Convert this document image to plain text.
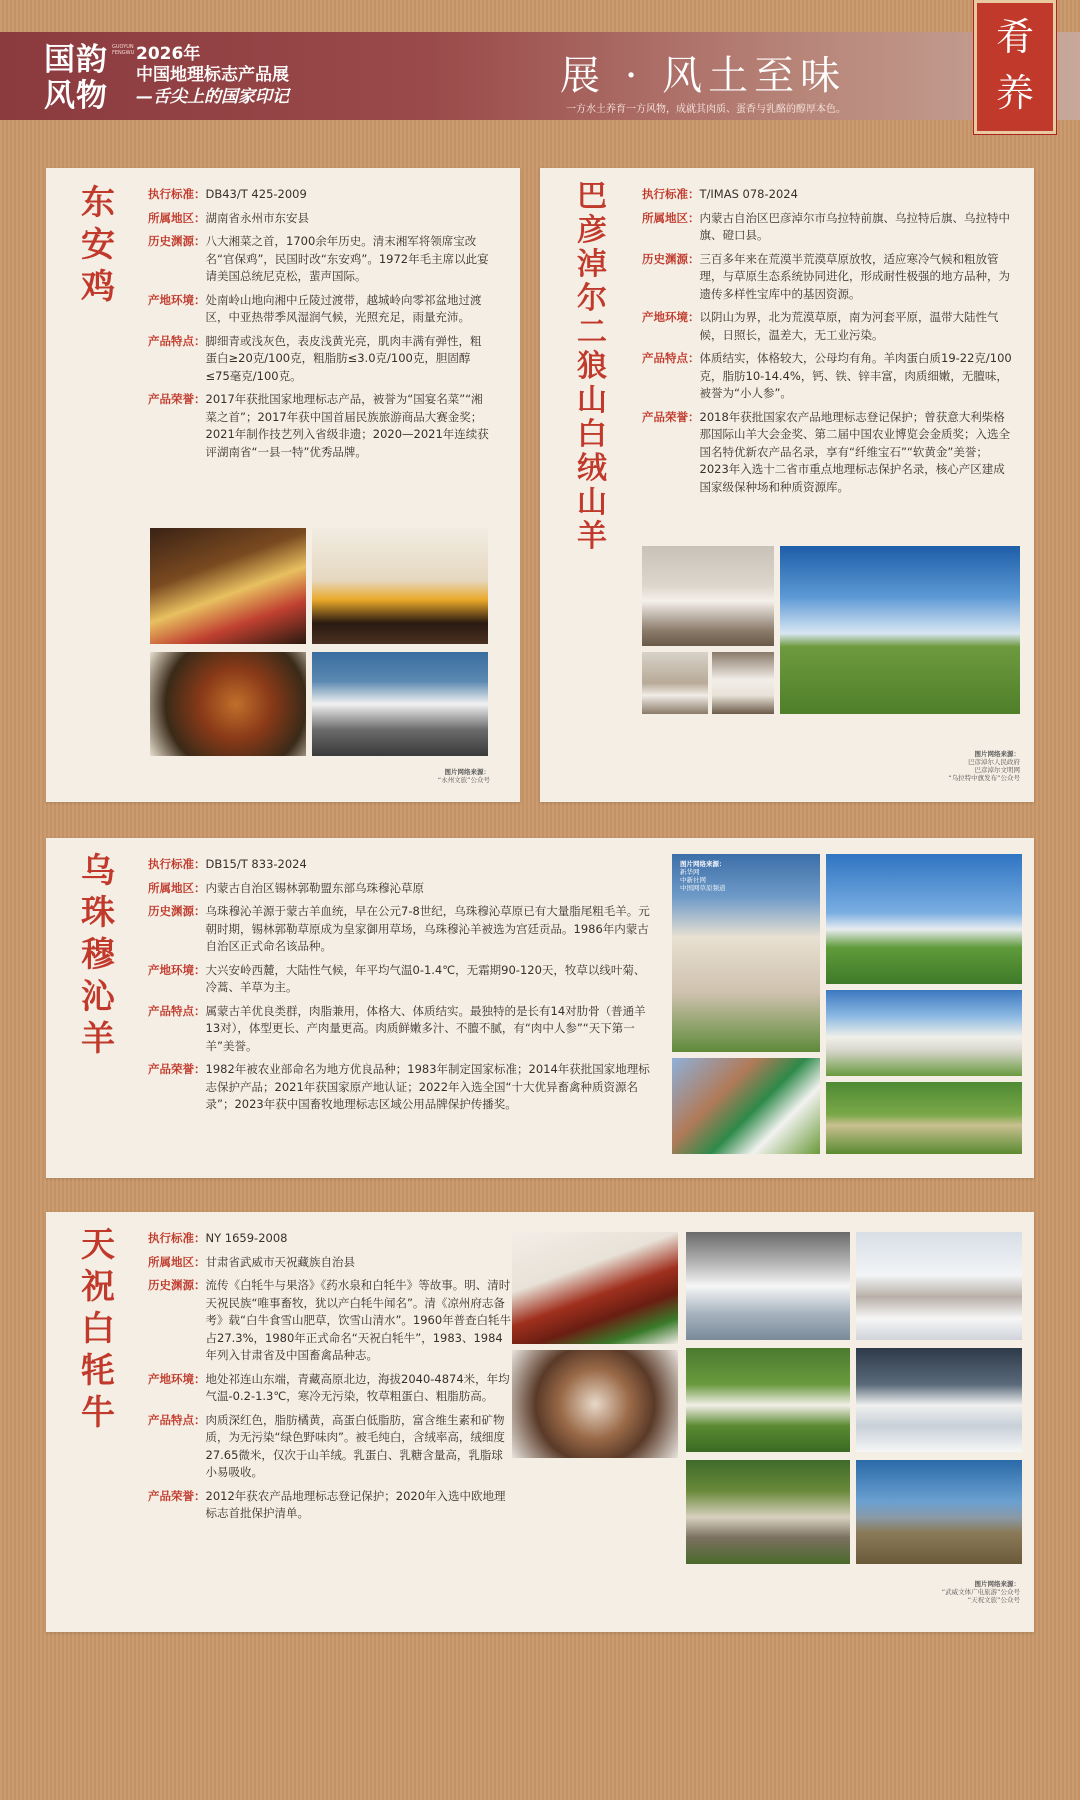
国韵
风物
GUOYUN FENGWU 2026年
中国地理标志产品展
—舌尖上的国家印记	展 · 风土至味
一方水土养育一方风物，成就其肉质、蛋香与乳酪的醇厚本色。
肴
养
东
安
鸡
执行标准： DB43/T 425-2009
所属地区： 湖南省永州市东安县
历史渊源： 八大湘菜之首，1700余年历史。清末湘军将领席宝改名“官保鸡”，民国时改“东安鸡”。1972年毛主席以此宴请美国总统尼克松，蜚声国际。
产地环境： 处南岭山地向湘中丘陵过渡带，越城岭向零祁盆地过渡区，中亚热带季风湿润气候，光照充足，雨量充沛。
产品特点： 脚细青或浅灰色，表皮浅黄光亮，肌肉丰满有弹性，粗蛋白≥20克/100克，粗脂肪≤3.0克/100克，胆固醇≤75毫克/100克。
产品荣誉： 2017年获批国家地理标志产品，被誉为“国宴名菜”“湘菜之首”；2017年获中国首届民族旅游商品大赛金奖；2021年制作技艺列入省级非遗；2020—2021年连续获评湖南省“一县一特”优秀品牌。
图片网络来源：
“永州文旅”公众号
巴
彦
淖
尔
二
狼
山
白
绒
山
羊
执行标准： T/IMAS 078-2024
所属地区： 内蒙古自治区巴彦淖尔市乌拉特前旗、乌拉特后旗、乌拉特中旗、磴口县。
历史渊源： 三百多年来在荒漠半荒漠草原放牧，适应寒冷气候和粗放管理，与草原生态系统协同进化，形成耐性极强的地方品种，为遗传多样性宝库中的基因资源。
产地环境： 以阴山为界，北为荒漠草原，南为河套平原，温带大陆性气候，日照长，温差大，无工业污染。
产品特点： 体质结实，体格较大，公母均有角。羊肉蛋白质19-22克/100克，脂肪10-14.4%，钙、铁、锌丰富，肉质细嫩，无膻味，被誉为“小人参”。
产品荣誉： 2018年获批国家农产品地理标志登记保护；曾获意大利柴格那国际山羊大会金奖、第二届中国农业博览会金质奖；入选全国名特优新农产品名录，享有“纤维宝石”“软黄金”美誉；2023年入选十二省市重点地理标志保护名录，核心产区建成国家级保种场和种质资源库。
图片网络来源：
巴彦淖尔人民政府
巴彦淖尔文明网
“乌拉特中旗发布”公众号
乌
珠
穆
沁
羊
执行标准： DB15/T 833-2024
所属地区： 内蒙古自治区锡林郭勒盟东部乌珠穆沁草原
历史渊源： 乌珠穆沁羊源于蒙古羊血统，早在公元7-8世纪，乌珠穆沁草原已有大量脂尾粗毛羊。元朝时期，锡林郭勒草原成为皇家御用草场，乌珠穆沁羊被选为宫廷贡品。1986年内蒙古自治区正式命名该品种。
产地环境： 大兴安岭西麓，大陆性气候，年平均气温0-1.4℃，无霜期90-120天，牧草以线叶菊、冷蒿、羊草为主。
产品特点： 属蒙古羊优良类群，肉脂兼用，体格大、体质结实。最独特的是长有14对肋骨（普通羊13对），体型更长、产肉量更高。肉质鲜嫩多汁、不膻不腻，有“肉中人参”“天下第一羊”美誉。
产品荣誉： 1982年被农业部命名为地方优良品种；1983年制定国家标准；2014年获批国家地理标志保护产品；2021年获国家原产地认证；2022年入选全国“十大优异畜禽种质资源名录”；2023年获中国畜牧地理标志区域公用品牌保护传播奖。
图片网络来源：
新华网
中新社网
中国网草原频道
天
祝
白
牦
牛
执行标准： NY 1659-2008
所属地区： 甘肃省武威市天祝藏族自治县
历史渊源： 流传《白牦牛与果洛》《药水泉和白牦牛》等故事。明、清时天祝民族“唯事畜牧，犹以产白牦牛闻名”。清《凉州府志备考》载“白牛食雪山肥草，饮雪山清水”。1960年普查白牦牛占27.3%，1980年正式命名“天祝白牦牛”，1983、1984年列入甘肃省及中国畜禽品种志。
产地环境： 地处祁连山东端，青藏高原北边，海拔2040-4874米，年均气温-0.2-1.3℃，寒冷无污染，牧草粗蛋白、粗脂肪高。
产品特点： 肉质深红色，脂肪橘黄，高蛋白低脂肪，富含维生素和矿物质，为无污染“绿色野味肉”。被毛纯白，含绒率高，绒细度27.65微米，仅次于山羊绒。乳蛋白、乳糖含量高，乳脂球小易吸收。
产品荣誉： 2012年获农产品地理标志登记保护；2020年入选中欧地理标志首批保护清单。
图片网络来源：
“武威文体广电旅游”公众号
“天祝文旅”公众号
